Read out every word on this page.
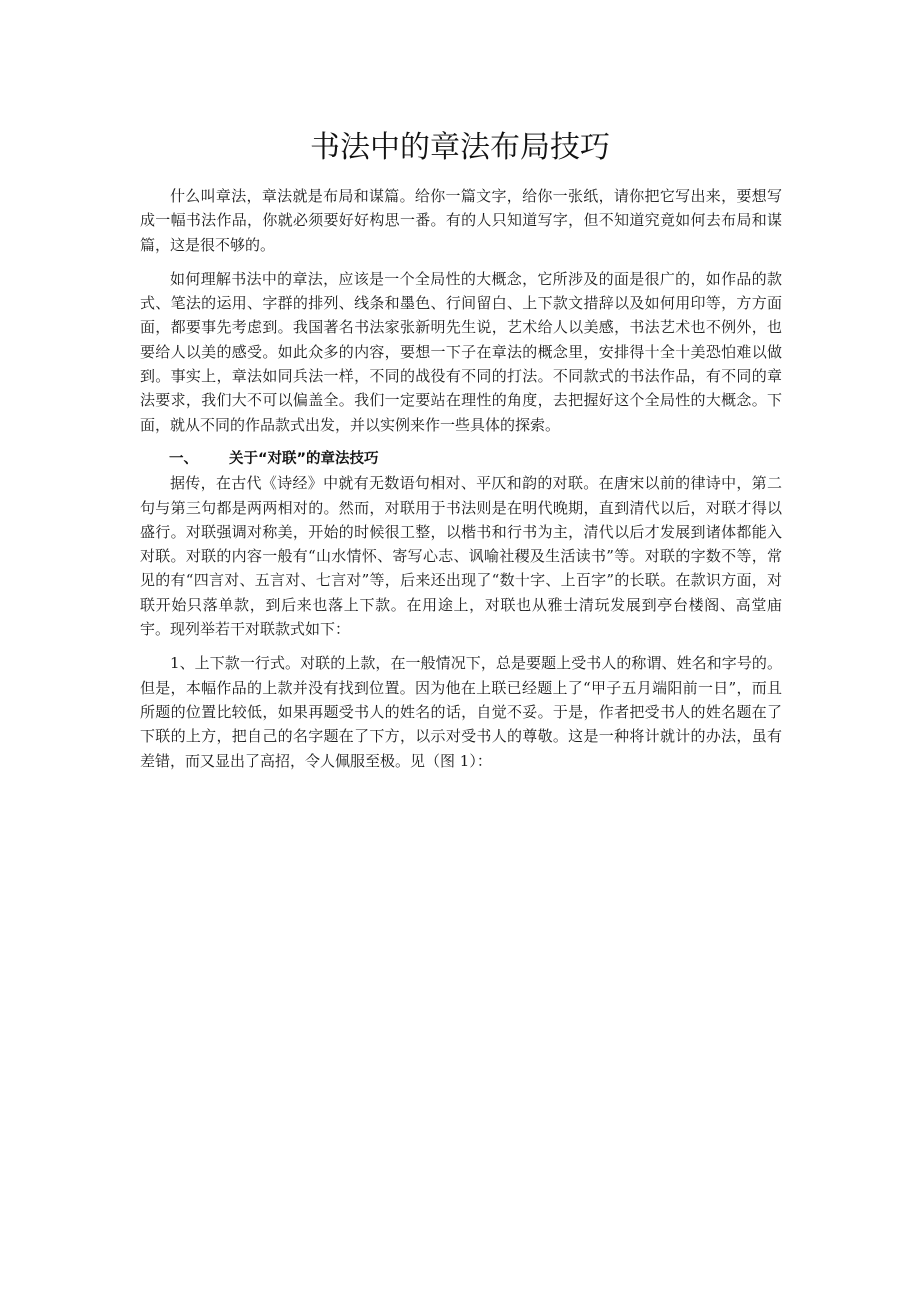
书法中的章法布局技巧

什么叫章法，章法就是布局和谋篇。给你一篇文字，给你一张纸，请你把它写出来，要想写成一幅书法作品，你就必须要好好构思一番。有的人只知道写字，但不知道究竟如何去布局和谋篇，这是很不够的。

如何理解书法中的章法，应该是一个全局性的大概念，它所涉及的面是很广的，如作品的款式、笔法的运用、字群的排列、线条和墨色、行间留白、上下款文措辞以及如何用印等，方方面面，都要事先考虑到。我国著名书法家张新明先生说，艺术给人以美感，书法艺术也不例外，也要给人以美的感受。如此众多的内容，要想一下子在章法的概念里，安排得十全十美恐怕难以做到。事实上，章法如同兵法一样，不同的战役有不同的打法。不同款式的书法作品，有不同的章法要求，我们大不可以偏盖全。我们一定要站在理性的角度，去把握好这个全局性的大概念。下面，就从不同的作品款式出发，并以实例来作一些具体的探索。

一、 关于“对联”的章法技巧

据传，在古代《诗经》中就有无数语句相对、平仄和韵的对联。在唐宋以前的律诗中，第二句与第三句都是两两相对的。然而，对联用于书法则是在明代晚期，直到清代以后，对联才得以盛行。对联强调对称美，开始的时候很工整，以楷书和行书为主，清代以后才发展到诸体都能入对联。对联的内容一般有“山水情怀、寄写心志、讽喻社稷及生活读书”等。对联的字数不等，常见的有“四言对、五言对、七言对”等，后来还出现了“数十字、上百字”的长联。在款识方面，对联开始只落单款，到后来也落上下款。在用途上，对联也从雅士清玩发展到亭台楼阁、高堂庙宇。现列举若干对联款式如下：

1、上下款一行式。对联的上款，在一般情况下，总是要题上受书人的称谓、姓名和字号的。但是，本幅作品的上款并没有找到位置。因为他在上联已经题上了“甲子五月端阳前一日”，而且所题的位置比较低，如果再题受书人的姓名的话，自觉不妥。于是，作者把受书人的姓名题在了下联的上方，把自己的名字题在了下方，以示对受书人的尊敬。这是一种将计就计的办法，虽有差错，而又显出了高招，令人佩服至极。见（图 1）：
